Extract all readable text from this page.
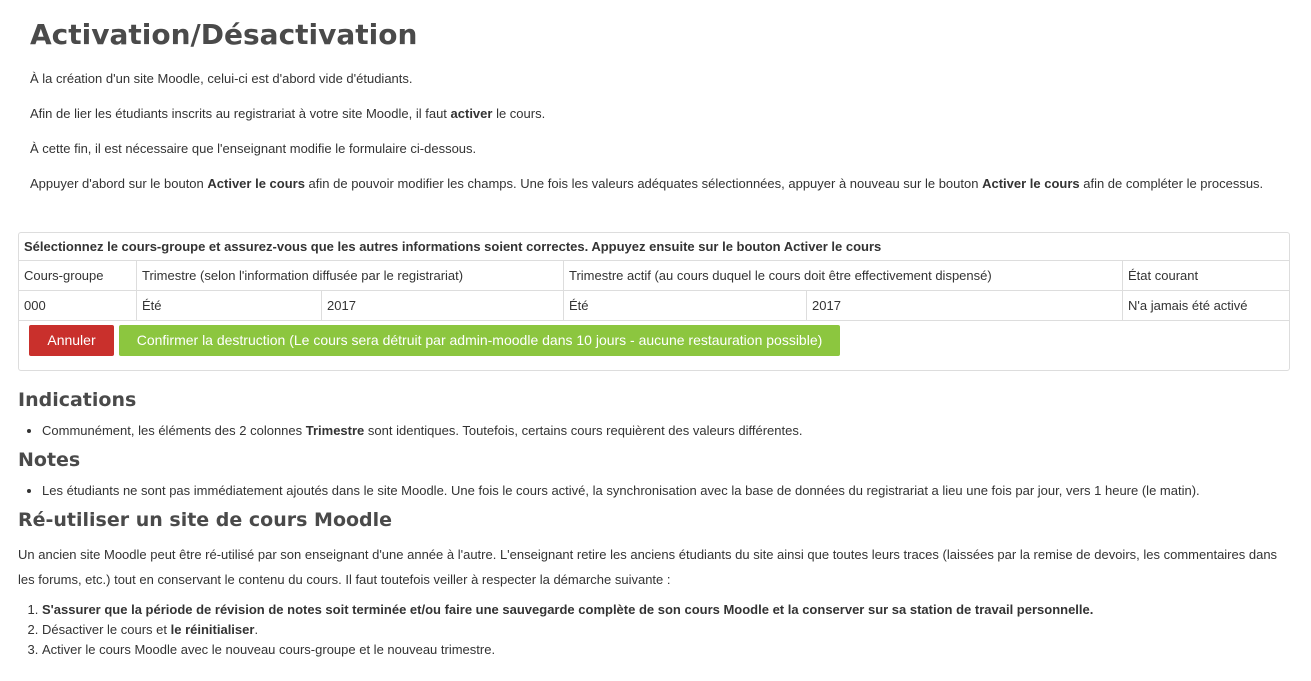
Activation/Désactivation

À la création d'un site Moodle, celui-ci est d'abord vide d'étudiants.

Afin de lier les étudiants inscrits au registrariat à votre site Moodle, il faut activer le cours.

À cette fin, il est nécessaire que l'enseignant modifie le formulaire ci-dessous.

Appuyer d'abord sur le bouton Activer le cours afin de pouvoir modifier les champs. Une fois les valeurs adéquates sélectionnées, appuyer à nouveau sur le bouton Activer le cours afin de compléter le processus.

Sélectionnez le cours-groupe et assurez-vous que les autres informations soient correctes. Appuyez ensuite sur le bouton Activer le cours
Cours-groupe	Trimestre (selon l'information diffusée par le registrariat)	Trimestre actif (au cours duquel le cours doit être effectivement dispensé)	État courant
000	Été	2017	Été	2017	N'a jamais été activé
Annuler	Confirmer la destruction (Le cours sera détruit par admin-moodle dans 10 jours - aucune restauration possible)
Indications
• Communément, les éléments des 2 colonnes Trimestre sont identiques. Toutefois, certains cours requièrent des valeurs différentes.
Notes
• Les étudiants ne sont pas immédiatement ajoutés dans le site Moodle. Une fois le cours activé, la synchronisation avec la base de données du registrariat a lieu une fois par jour, vers 1 heure (le matin).
Ré-utiliser un site de cours Moodle

Un ancien site Moodle peut être ré-utilisé par son enseignant d'une année à l'autre. L'enseignant retire les anciens étudiants du site ainsi que toutes leurs traces (laissées par la remise de devoirs, les commentaires dans
les forums, etc.) tout en conservant le contenu du cours. Il faut toutefois veiller à respecter la démarche suivante :

1. S'assurer que la période de révision de notes soit terminée et/ou faire une sauvegarde complète de son cours Moodle et la conserver sur sa station de travail personnelle.
2. Désactiver le cours et le réinitialiser.
3. Activer le cours Moodle avec le nouveau cours-groupe et le nouveau trimestre.
